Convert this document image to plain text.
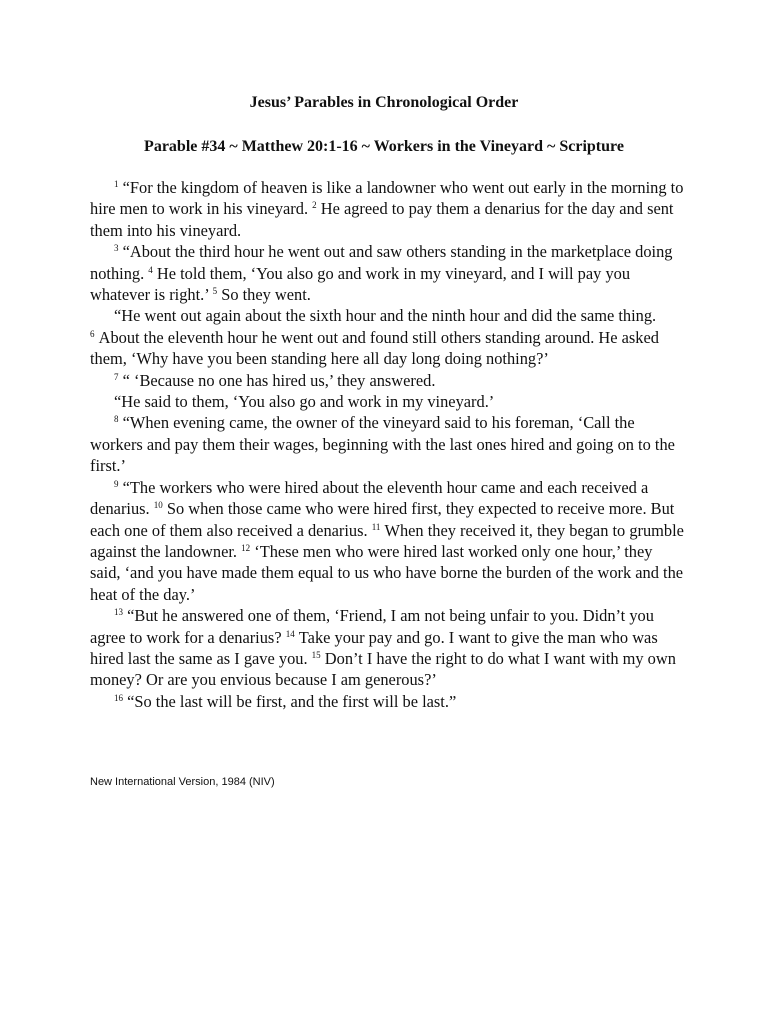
Jesus’ Parables in Chronological Order
Parable #34 ~ Matthew 20:1-16 ~ Workers in the Vineyard ~ Scripture

$^1$ “For the kingdom of heaven is like a landowner who went out early in the morning to hire men to work in his vineyard. $^2$ He agreed to pay them a denarius for the day and sent them into his vineyard.

$^3$ “About the third hour he went out and saw others standing in the marketplace doing nothing. $^4$ He told them, ‘You also go and work in my vineyard, and I will pay you whatever is right.’ $^5$ So they went.

“He went out again about the sixth hour and the ninth hour and did the same thing. $^6$ About the eleventh hour he went out and found still others standing around. He asked them, ‘Why have you been standing here all day long doing nothing?’

$^7$ “ ‘Because no one has hired us,’ they answered.

“He said to them, ‘You also go and work in my vineyard.’

$^8$ “When evening came, the owner of the vineyard said to his foreman, ‘Call the workers and pay them their wages, beginning with the last ones hired and going on to the first.’

$^9$ “The workers who were hired about the eleventh hour came and each received a denarius. $^{10}$ So when those came who were hired first, they expected to receive more. But each one of them also received a denarius. $^{11}$ When they received it, they began to grumble against the landowner. $^{12}$ ‘These men who were hired last worked only one hour,’ they said, ‘and you have made them equal to us who have borne the burden of the work and the heat of the day.’

$^{13}$ “But he answered one of them, ‘Friend, I am not being unfair to you. Didn’t you agree to work for a denarius? $^{14}$ Take your pay and go. I want to give the man who was hired last the same as I gave you. $^{15}$ Don’t I have the right to do what I want with my own money? Or are you envious because I am generous?’

$^{16}$ “So the last will be first, and the first will be last.”

New International Version, 1984 (NIV)
